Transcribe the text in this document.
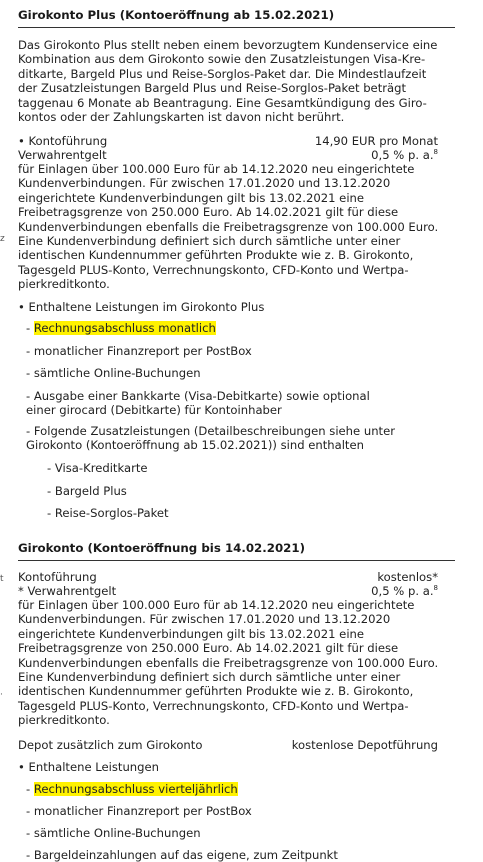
Girokonto Plus (Kontoeröffnung ab 15.02.2021)
Das Girokonto Plus stellt neben einem bevorzugtem Kundenservice eine
Kombination aus dem Girokonto sowie den Zusatzleistungen Visa-Kre-
ditkarte, Bargeld Plus und Reise-Sorglos-Paket dar. Die Mindestlaufzeit
der Zusatzleistungen Bargeld Plus und Reise-Sorglos-Paket beträgt
taggenau 6 Monate ab Beantragung. Eine Gesamtkündigung des Giro-
kontos oder der Zahlungskarten ist davon nicht berührt.
• Kontoführung	14,90 EUR pro Monat
Verwahrentgelt	0,5 % p. a.$^8$
für Einlagen über 100.000 Euro für ab 14.12.2020 neu eingerichtete
Kundenverbindungen. Für zwischen 17.01.2020 und 13.12.2020
eingerichtete Kundenverbindungen gilt bis 13.02.2021 eine
Freibetragsgrenze von 250.000 Euro. Ab 14.02.2021 gilt für diese
Kundenverbindungen ebenfalls die Freibetragsgrenze von 100.000 Euro.
Eine Kundenverbindung definiert sich durch sämtliche unter einer
identischen Kundennummer geführten Produkte wie z. B. Girokonto,
Tagesgeld PLUS-Konto, Verrechnungskonto, CFD-Konto und Wertpa-
pierkreditkonto.
z
• Enthaltene Leistungen im Girokonto Plus
- Rechnungsabschluss monatlich
- monatlicher Finanzreport per PostBox
- sämtliche Online-Buchungen
- Ausgabe einer Bankkarte (Visa-Debitkarte) sowie optional
einer girocard (Debitkarte) für Kontoinhaber
- Folgende Zusatzleistungen (Detailbeschreibungen siehe unter
Girokonto (Kontoeröffnung ab 15.02.2021)) sind enthalten
- Visa-Kreditkarte
- Bargeld Plus
- Reise-Sorglos-Paket
Girokonto (Kontoeröffnung bis 14.02.2021)
Kontoführung	kostenlos*
t
* Verwahrentgelt	0,5 % p. a.$^8$
für Einlagen über 100.000 Euro für ab 14.12.2020 neu eingerichtete
Kundenverbindungen. Für zwischen 17.01.2020 und 13.12.2020
eingerichtete Kundenverbindungen gilt bis 13.02.2021 eine
Freibetragsgrenze von 250.000 Euro. Ab 14.02.2021 gilt für diese
Kundenverbindungen ebenfalls die Freibetragsgrenze von 100.000 Euro.
Eine Kundenverbindung definiert sich durch sämtliche unter einer
identischen Kundennummer geführten Produkte wie z. B. Girokonto,
Tagesgeld PLUS-Konto, Verrechnungskonto, CFD-Konto und Wertpa-
pierkreditkonto.
·
Depot zusätzlich zum Girokonto	kostenlose Depotführung
• Enthaltene Leistungen
- Rechnungsabschluss vierteljährlich
- monatlicher Finanzreport per PostBox
- sämtliche Online-Buchungen
- Bargeldeinzahlungen auf das eigene, zum Zeitpunkt
